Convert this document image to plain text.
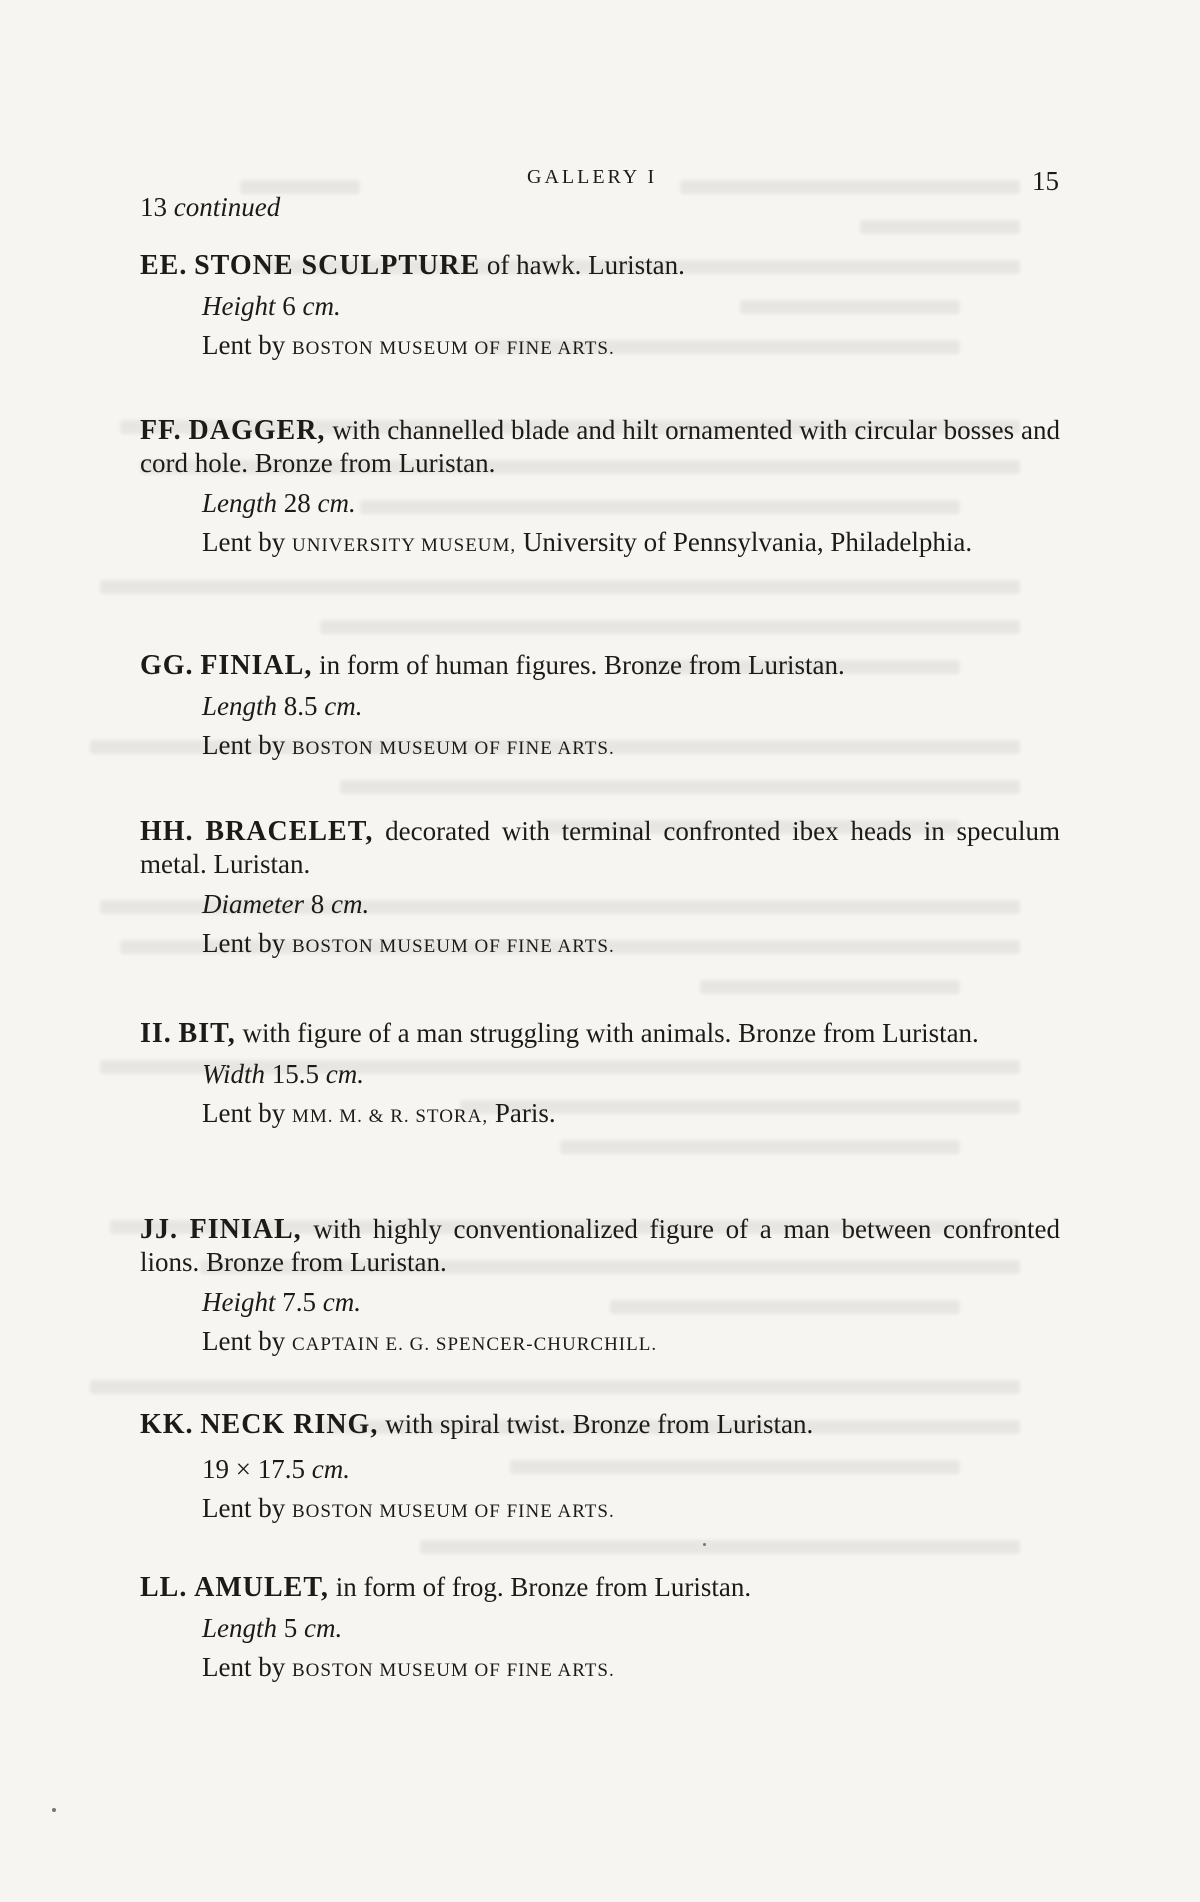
GALLERY I	15
13 continued
EE. STONE SCULPTURE of hawk. Luristan.
Height 6 cm.
Lent by BOSTON MUSEUM OF FINE ARTS.
FF. DAGGER, with channelled blade and hilt ornamented with circular bosses and cord hole. Bronze from Luristan.
Length 28 cm.
Lent by UNIVERSITY MUSEUM, University of Pennsylvania, Philadelphia.
GG. FINIAL, in form of human figures. Bronze from Luristan.
Length 8.5 cm.
Lent by BOSTON MUSEUM OF FINE ARTS.
HH. BRACELET, decorated with terminal confronted ibex heads in speculum metal. Luristan.
Diameter 8 cm.
Lent by BOSTON MUSEUM OF FINE ARTS.
II. BIT, with figure of a man struggling with animals. Bronze from Luristan.
Width 15.5 cm.
Lent by MM. M. & R. STORA, Paris.
JJ. FINIAL, with highly conventionalized figure of a man between confronted lions. Bronze from Luristan.
Height 7.5 cm.
Lent by CAPTAIN E. G. SPENCER-CHURCHILL.
KK. NECK RING, with spiral twist. Bronze from Luristan.
19 × 17.5 cm.
Lent by BOSTON MUSEUM OF FINE ARTS.
LL. AMULET, in form of frog. Bronze from Luristan.
Length 5 cm.
Lent by BOSTON MUSEUM OF FINE ARTS.
